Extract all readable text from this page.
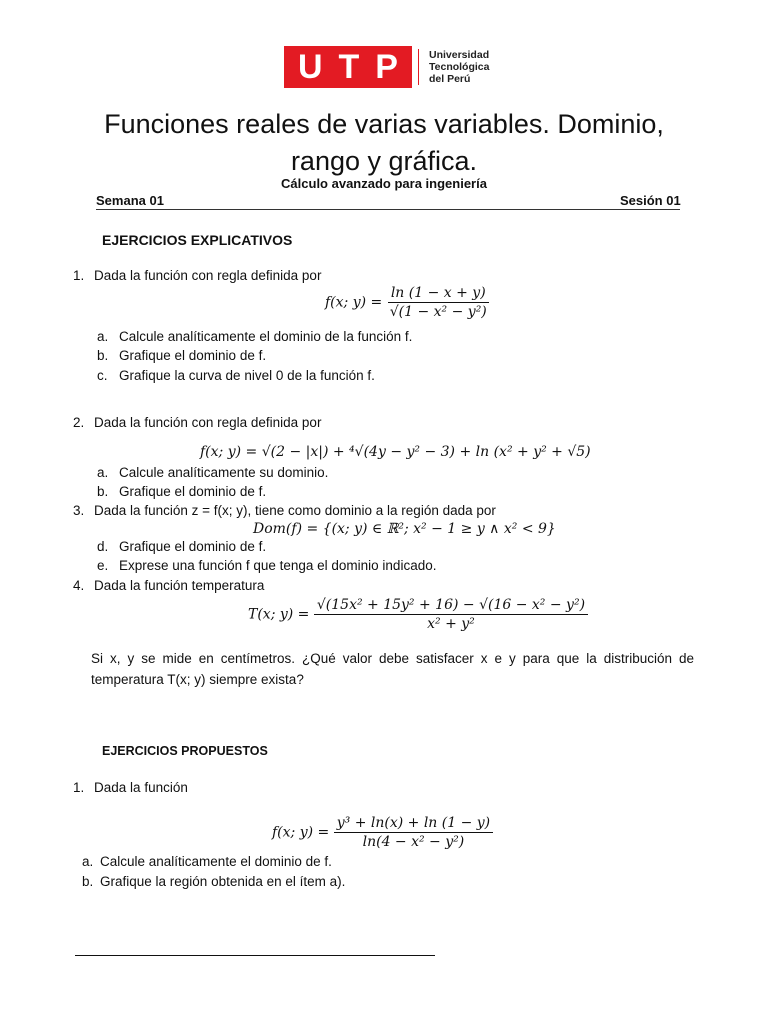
U T P	Universidad
Tecnológica
del Perú
Funciones reales de varias variables. Dominio,
rango y gráfica.
Cálculo avanzado para ingeniería
Semana 01	Sesión 01
EJERCICIOS EXPLICATIVOS
1. Dada la función con regla definida por
f(x; $y) = \frac{\ln (1 - x + y)}{\text{√(1 − x² − y²)}}$
a. Calcule analíticamente el dominio de la función f.
b. Grafique el dominio de f.
c. Grafique la curva de nivel 0 de la función f.
2. Dada la función con regla definida por
f(x; y) = √(2 − |x|) + ⁴√(4y − y² − 3) + ln (x² + y² + √5)
a. Calcule analíticamente su dominio.
b. Grafique el dominio de f.
3. Dada la función z = f(x; y), tiene como dominio a la región dada por
Dom(f) = {(x; y) ∈ ℝ²; x² − 1 ≥ y ∧ x² < 9}
d. Grafique el dominio de f.
e. Exprese una función f que tenga el dominio indicado.
4. Dada la función temperatura
T(x; $y) = \frac{\text{√(15x² + 15y² + 16) − √(16 − x² − y²)}}{\text{x² + y²}}$
Si x, y se mide en centímetros. ¿Qué valor debe satisfacer x e y para que la distribución de temperatura T(x; y) siempre exista?
EJERCICIOS PROPUESTOS
1. Dada la función
f(x; $y) = \frac{\text{y³ + ln(x) + ln (1 − y)}}{\text{ln(4 − x² − y²)}}$
a. Calcule analíticamente el dominio de f.
b. Grafique la región obtenida en el ítem a).
